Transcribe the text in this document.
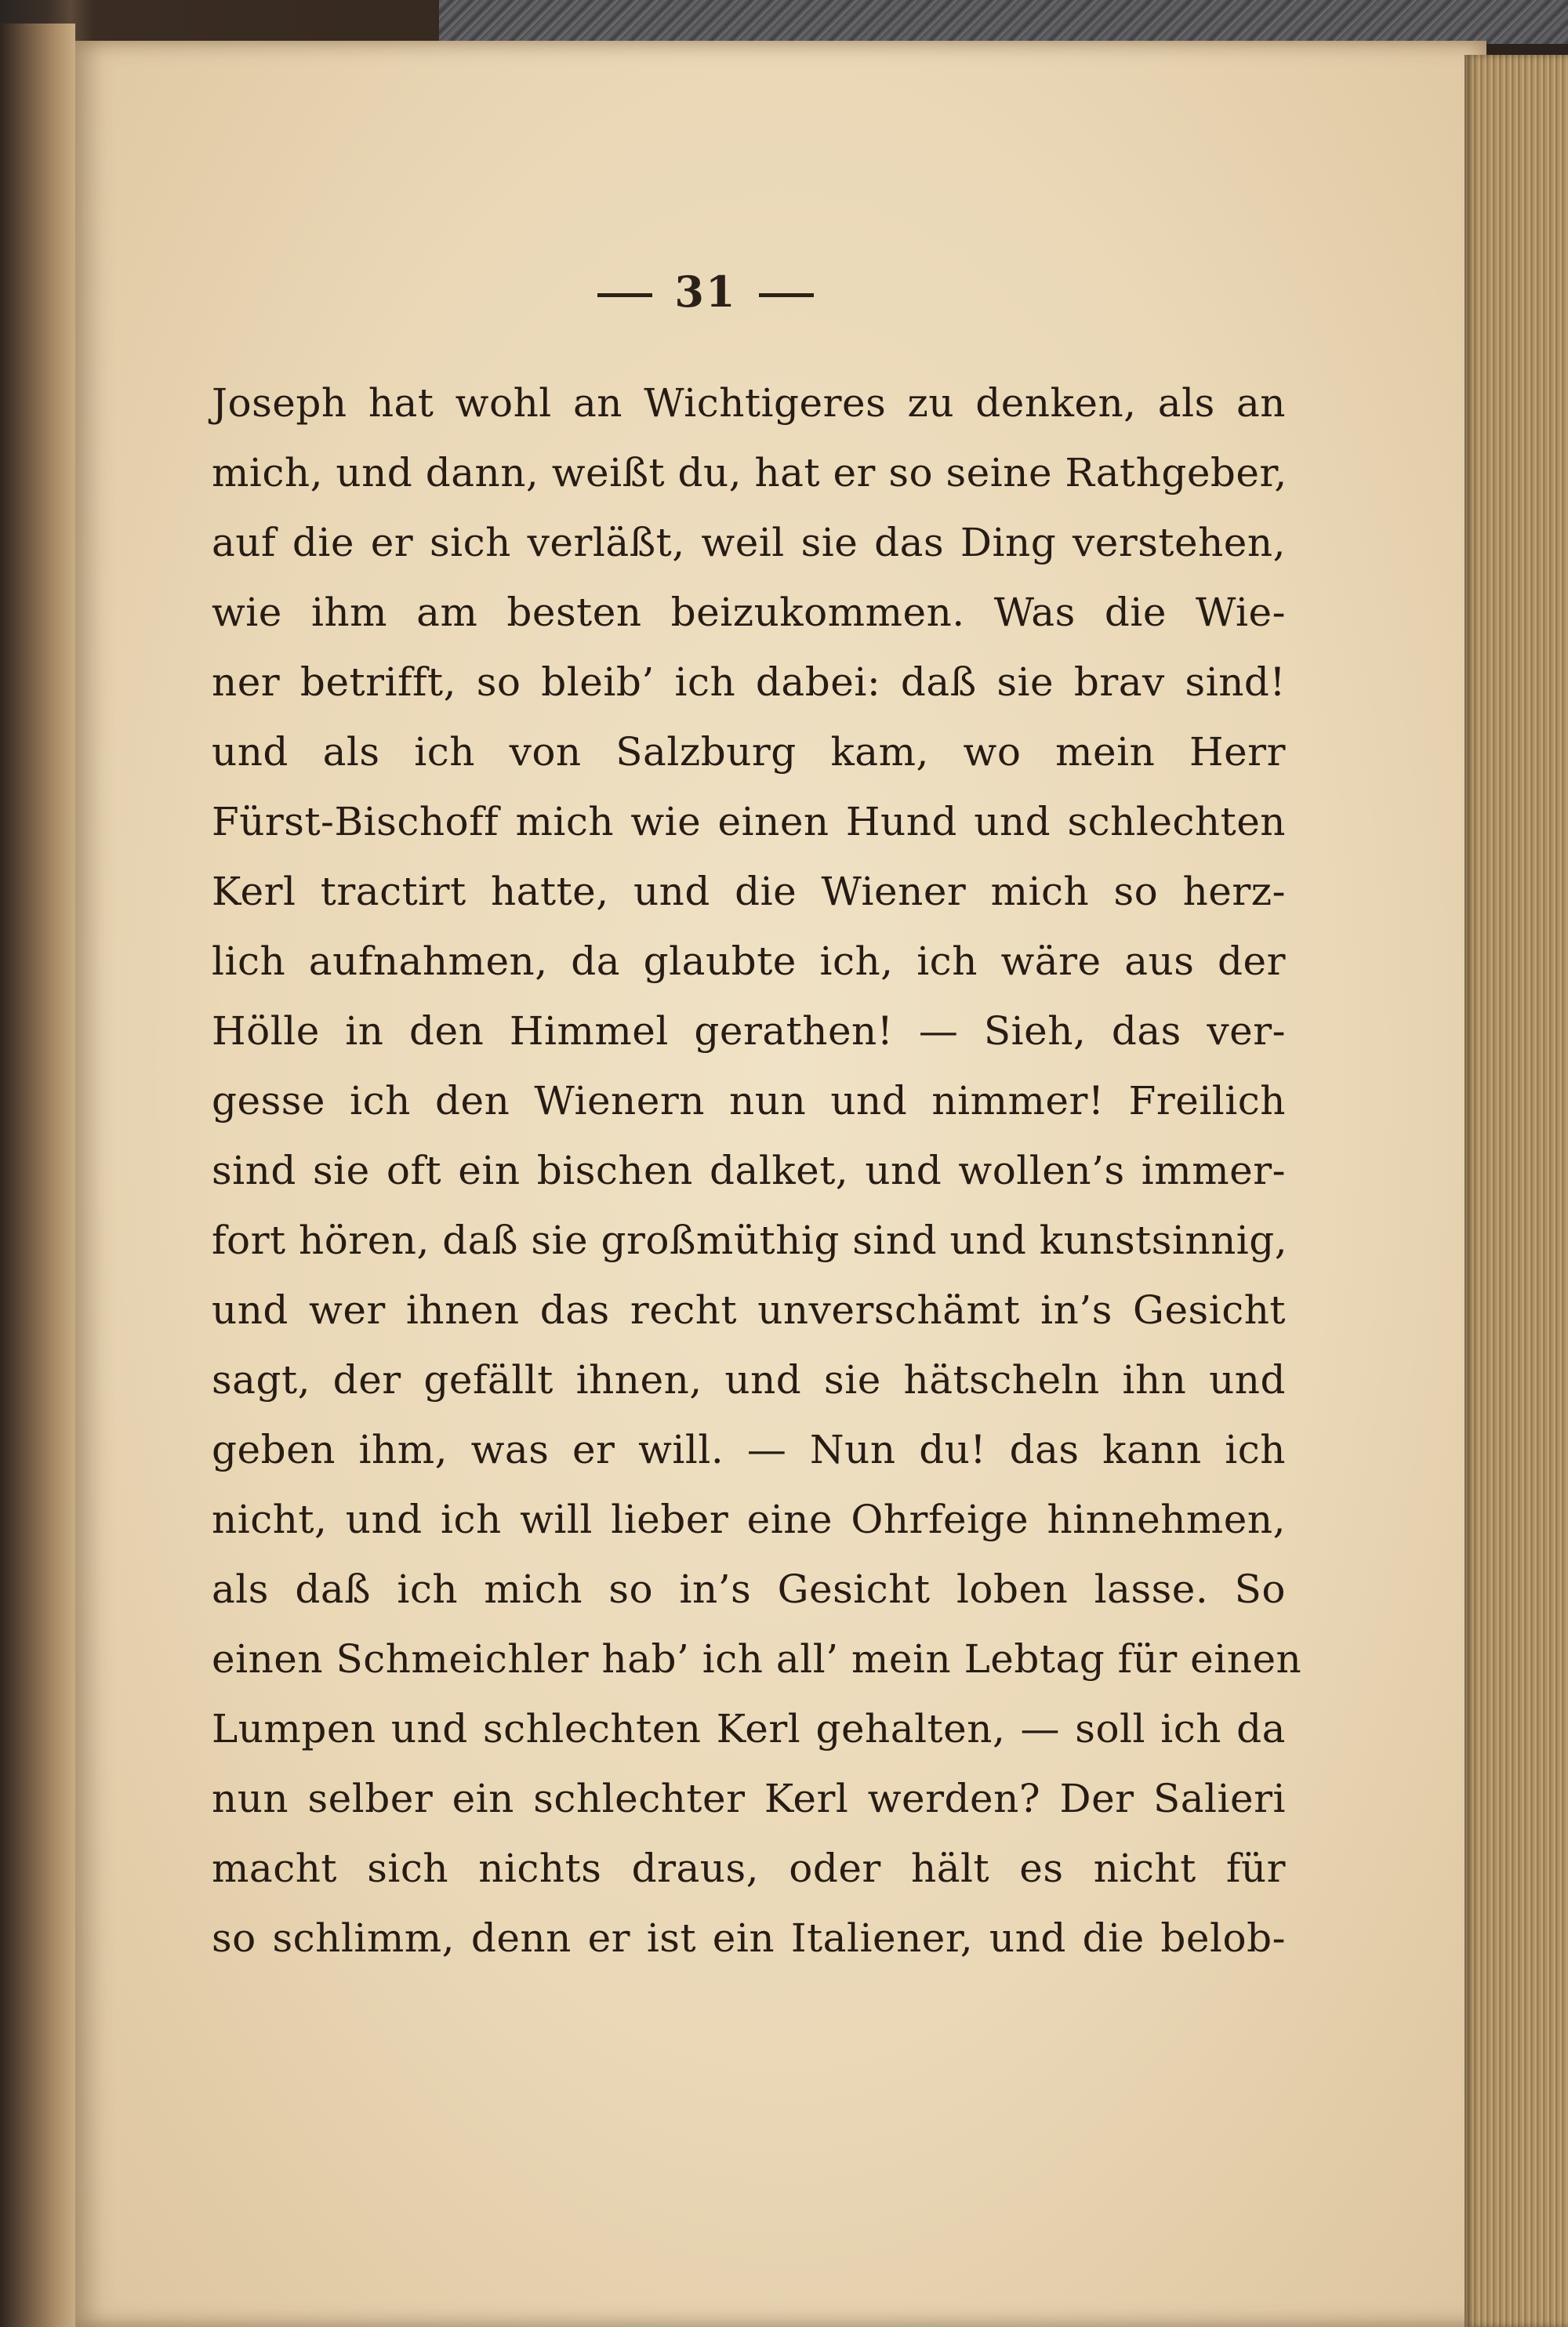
31
Joseph hat wohl an Wichtigeres zu denken, als an
mich, und dann, weißt du, hat er so seine Rathgeber,
auf die er sich verläßt, weil sie das Ding verstehen,
wie ihm am besten beizukommen. Was die Wie-
ner betrifft, so bleib’ ich dabei: daß sie brav sind!
und als ich von Salzburg kam, wo mein Herr
Fürst-Bischoff mich wie einen Hund und schlechten
Kerl tractirt hatte, und die Wiener mich so herz-
lich aufnahmen, da glaubte ich, ich wäre aus der
Hölle in den Himmel gerathen! — Sieh, das ver-
gesse ich den Wienern nun und nimmer! Freilich
sind sie oft ein bischen dalket, und wollen’s immer-
fort hören, daß sie großmüthig sind und kunstsinnig,
und wer ihnen das recht unverschämt in’s Gesicht
sagt, der gefällt ihnen, und sie hätscheln ihn und
geben ihm, was er will. — Nun du! das kann ich
nicht, und ich will lieber eine Ohrfeige hinnehmen,
als daß ich mich so in’s Gesicht loben lasse. So
einen Schmeichler hab’ ich all’ mein Lebtag für einen
Lumpen und schlechten Kerl gehalten, — soll ich da
nun selber ein schlechter Kerl werden? Der Salieri
macht sich nichts draus, oder hält es nicht für
so schlimm, denn er ist ein Italiener, und die belob-
